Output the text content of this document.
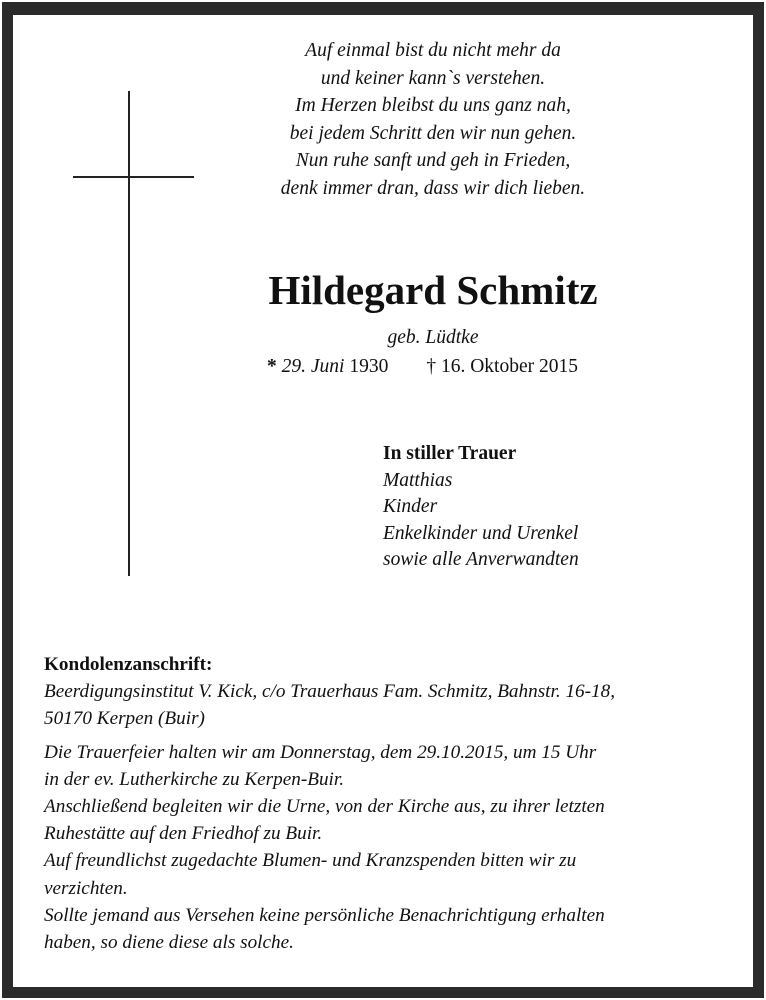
Auf einmal bist du nicht mehr da
und keiner kann`s verstehen.
Im Herzen bleibst du uns ganz nah,
bei jedem Schritt den wir nun gehen.
Nun ruhe sanft und geh in Frieden,
denk immer dran, dass wir dich lieben.
Hildegard Schmitz
geb. Lüdtke
* 29. Juni 1930 † 16. Oktober 2015
In stiller Trauer
Matthias
Kinder
Enkelkinder und Urenkel
sowie alle Anverwandten
Kondolenzanschrift:
Beerdigungsinstitut V. Kick, c/o Trauerhaus Fam. Schmitz, Bahnstr. 16-18,
50170 Kerpen (Buir)
Die Trauerfeier halten wir am Donnerstag, dem 29.10.2015, um 15 Uhr
in der ev. Lutherkirche zu Kerpen-Buir.
Anschließend begleiten wir die Urne, von der Kirche aus, zu ihrer letzten
Ruhestätte auf den Friedhof zu Buir.
Auf freundlichst zugedachte Blumen- und Kranzspenden bitten wir zu
verzichten.
Sollte jemand aus Versehen keine persönliche Benachrichtigung erhalten
haben, so diene diese als solche.
